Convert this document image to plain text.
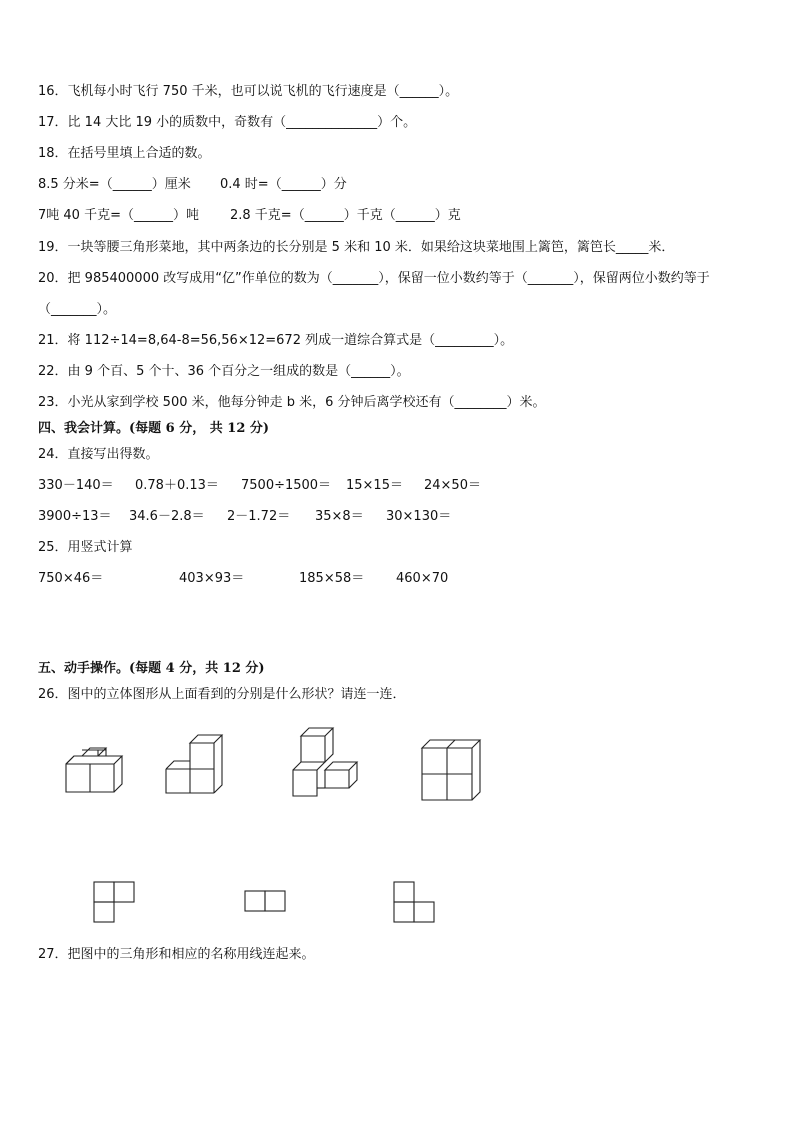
16．飞机每小时飞行 750 千米，也可以说飞机的飞行速度是（______）。
17．比 14 大比 19 小的质数中，奇数有（______________）个。
18．在括号里填上合适的数。
8.5 分米=（______）厘米 0.4 时=（______）分
7吨 40 千克=（______）吨 2.8 千克=（______）千克（______）克
19．一块等腰三角形菜地，其中两条边的长分别是 5 米和 10 米．如果给这块菜地围上篱笆，篱笆长_____米．
20．把 985400000 改写成用“亿”作单位的数为（_______），保留一位小数约等于（_______），保留两位小数约等于
（_______）。
21．将 112÷14=8,64-8=56,56×12=672 列成一道综合算式是（_________）。
22．由 9 个百、5 个十、36 个百分之一组成的数是（______）。
23．小光从家到学校 500 米，他每分钟走 b 米，6 分钟后离学校还有（________）米。
四、我会计算。(每题 6 分， 共 12 分)
24．直接写出得数。
330－140＝ 0.78＋0.13＝ 7500÷1500＝ 15×15＝ 24×50＝
3900÷13＝ 34.6－2.8＝ 2－1.72＝ 35×8＝ 30×130＝
25．用竖式计算
750×46＝	403×93＝	185×58＝ 460×70
五、动手操作。(每题 4 分，共 12 分)
26．图中的立体图形从上面看到的分别是什么形状？请连一连．
27．把图中的三角形和相应的名称用线连起来。
